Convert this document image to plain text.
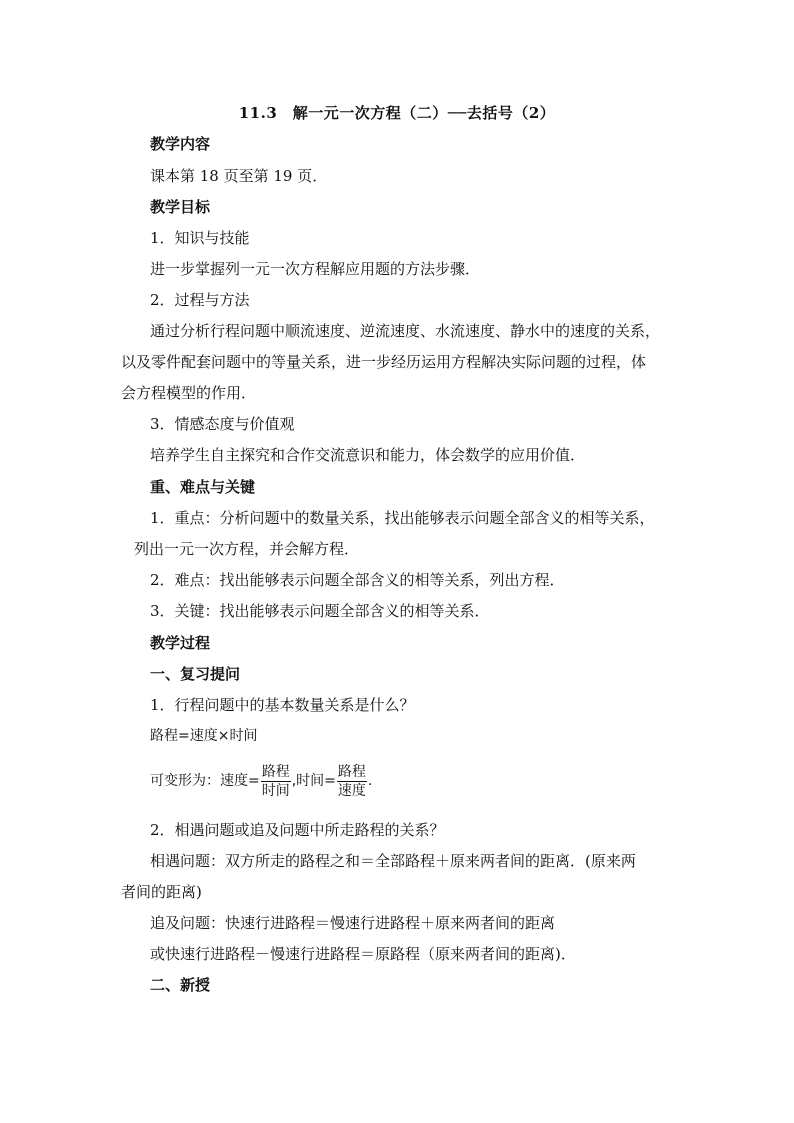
11.3　解一元一次方程（二）──去括号（2）
教学内容
课本第 18 页至第 19 页．
教学目标
1．知识与技能
进一步掌握列一元一次方程解应用题的方法步骤．
2．过程与方法
通过分析行程问题中顺流速度、逆流速度、水流速度、静水中的速度的关系，
以及零件配套问题中的等量关系，进一步经历运用方程解决实际问题的过程，体
会方程模型的作用．
3．情感态度与价值观
培养学生自主探究和合作交流意识和能力，体会数学的应用价值．
重、难点与关键
1．重点：分析问题中的数量关系，找出能够表示问题全部含义的相等关系，
列出一元一次方程，并会解方程．
2．难点：找出能够表示问题全部含义的相等关系，列出方程．
3．关键：找出能够表示问题全部含义的相等关系．
教学过程
一、复习提问
1．行程问题中的基本数量关系是什么？
路程=速度×时间
可变形为：速度= $\frac{\text{路程}}{\text{时间}}$ ,时间= $\frac{\text{路程}}{\text{速度}}$ .
2．相遇问题或追及问题中所走路程的关系？
相遇问题：双方所走的路程之和＝全部路程＋原来两者间的距离．(原来两
者间的距离)
追及问题：快速行进路程＝慢速行进路程＋原来两者间的距离
或快速行进路程－慢速行进路程＝原路程（原来两者间的距离)．
二、新授
